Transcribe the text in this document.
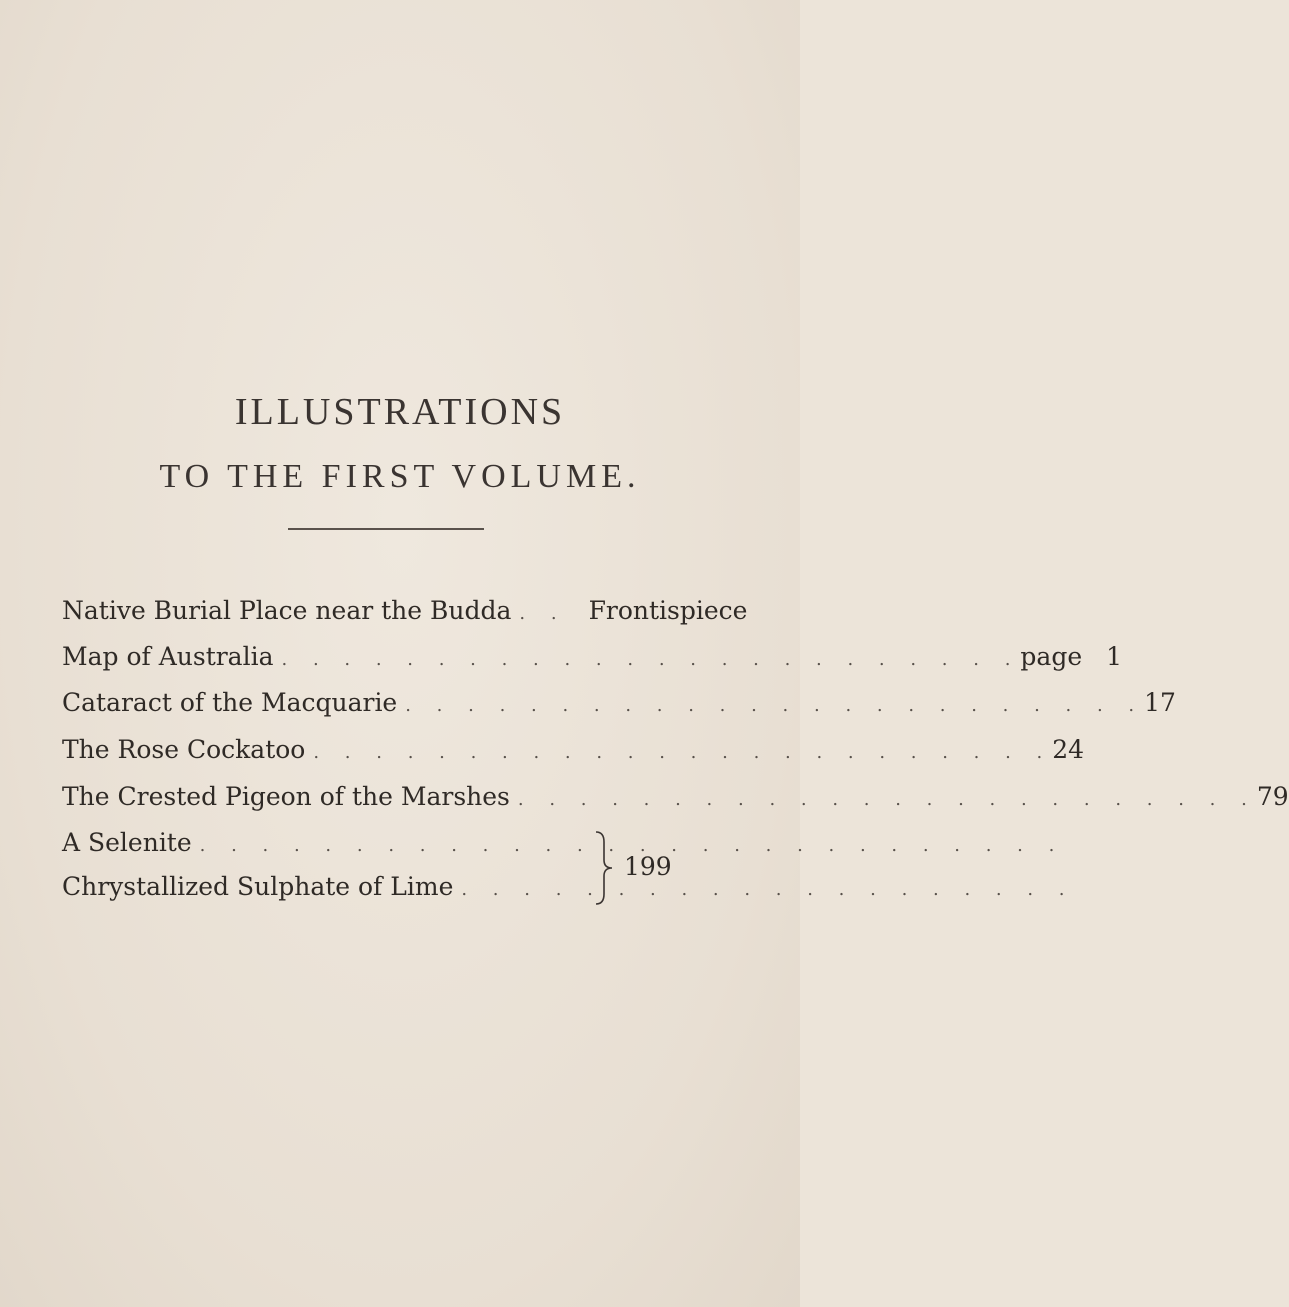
ILLUSTRATIONS
TO THE FIRST VOLUME.
Native Burial Place near the Budda . . Frontispiece
Map of Australia . . . . . . . . . . . . . . . . . . . . . . . . page 1
Cataract of the Macquarie . . . . . . . . . . . . . . . . . . . . . . . . 17
The Rose Cockatoo . . . . . . . . . . . . . . . . . . . . . . . . 24
The Crested Pigeon of the Marshes . . . . . . . . . . . . . . . . . . . . . . . . 79
A Selenite . . . . . . . . . . . . . . . . . . . . . . . . . . . .
Chrystallized Sulphate of Lime . . . . . . . . . . . . . . . . . . . .
199
